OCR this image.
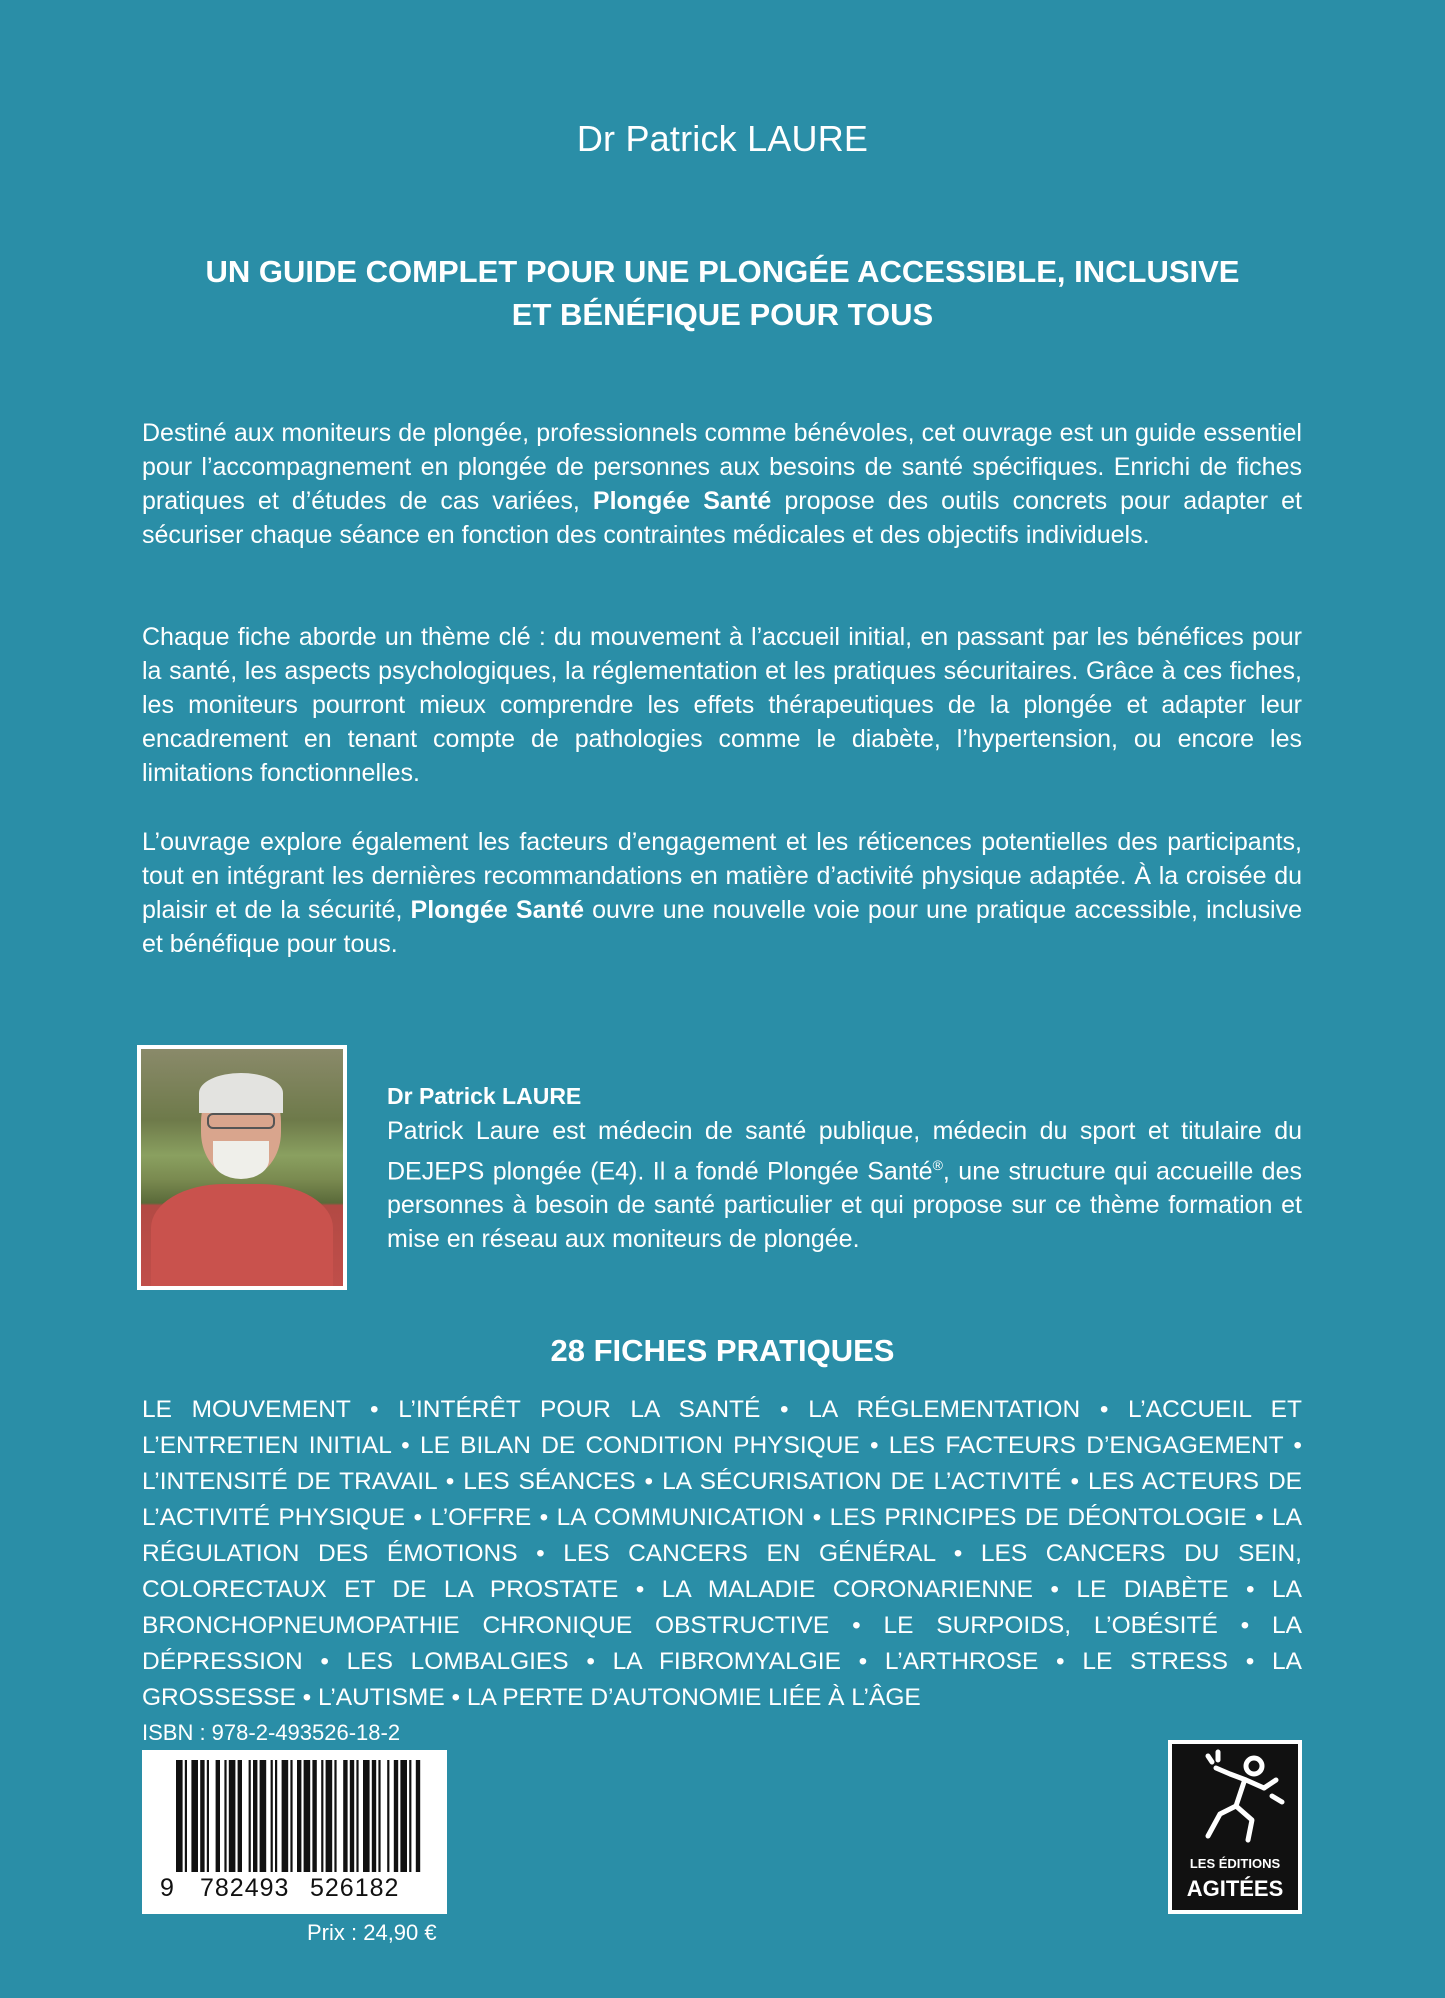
Dr Patrick LAURE
UN GUIDE COMPLET POUR UNE PLONGÉE ACCESSIBLE, INCLUSIVE
ET BÉNÉFIQUE POUR TOUS
Destiné aux moniteurs de plongée, professionnels comme bénévoles, cet ouvrage est un guide essentiel pour l’accompagnement en plongée de personnes aux besoins de santé spécifiques. Enrichi de fiches pratiques et d’études de cas variées, Plongée Santé propose des outils concrets pour adapter et sécuriser chaque séance en fonction des contraintes médicales et des objectifs individuels.
Chaque fiche aborde un thème clé : du mouvement à l’accueil initial, en passant par les bénéfices pour la santé, les aspects psychologiques, la réglementation et les pratiques sécuritaires. Grâce à ces fiches, les moniteurs pourront mieux comprendre les effets thérapeutiques de la plongée et adapter leur encadrement en tenant compte de pathologies comme le diabète, l’hypertension, ou encore les limitations fonctionnelles.
L’ouvrage explore également les facteurs d’engagement et les réticences potentielles des participants, tout en intégrant les dernières recommandations en matière d’activité physique adaptée. À la croisée du plaisir et de la sécurité, Plongée Santé ouvre une nouvelle voie pour une pratique accessible, inclusive et bénéfique pour tous.
Dr Patrick LAURE
Patrick Laure est médecin de santé publique, médecin du sport et titulaire du DEJEPS plongée (E4). Il a fondé Plongée Santé®, une structure qui accueille des personnes à besoin de santé particulier et qui propose sur ce thème formation et mise en réseau aux moniteurs de plongée.
28 FICHES PRATIQUES
LE MOUVEMENT • L’INTÉRÊT POUR LA SANTÉ • LA RÉGLEMENTATION • L’ACCUEIL ET L’ENTRETIEN INITIAL • LE BILAN DE CONDITION PHYSIQUE • LES FACTEURS D’ENGAGEMENT • L’INTENSITÉ DE TRAVAIL • LES SÉANCES • LA SÉCURISATION DE L’ACTIVITÉ • LES ACTEURS DE L’ACTIVITÉ PHYSIQUE • L’OFFRE • LA COMMUNICATION • LES PRINCIPES DE DÉONTOLOGIE • LA RÉGULATION DES ÉMOTIONS • LES CANCERS EN GÉNÉRAL • LES CANCERS DU SEIN, COLORECTAUX ET DE LA PROSTATE • LA MALADIE CORONARIENNE • LE DIABÈTE • LA BRONCHOPNEUMOPATHIE CHRONIQUE OBSTRUCTIVE • LE SURPOIDS, L’OBÉSITÉ • LA DÉPRESSION • LES LOMBALGIES • LA FIBROMYALGIE • L’ARTHROSE • LE STRESS • LA GROSSESSE • L’AUTISME • LA PERTE D’AUTONOMIE LIÉE À L’ÂGE
ISBN : 978-2-493526-18-2
9 782493 526182
Prix : 24,90 €
LES ÉDITIONS
AGITÉES
